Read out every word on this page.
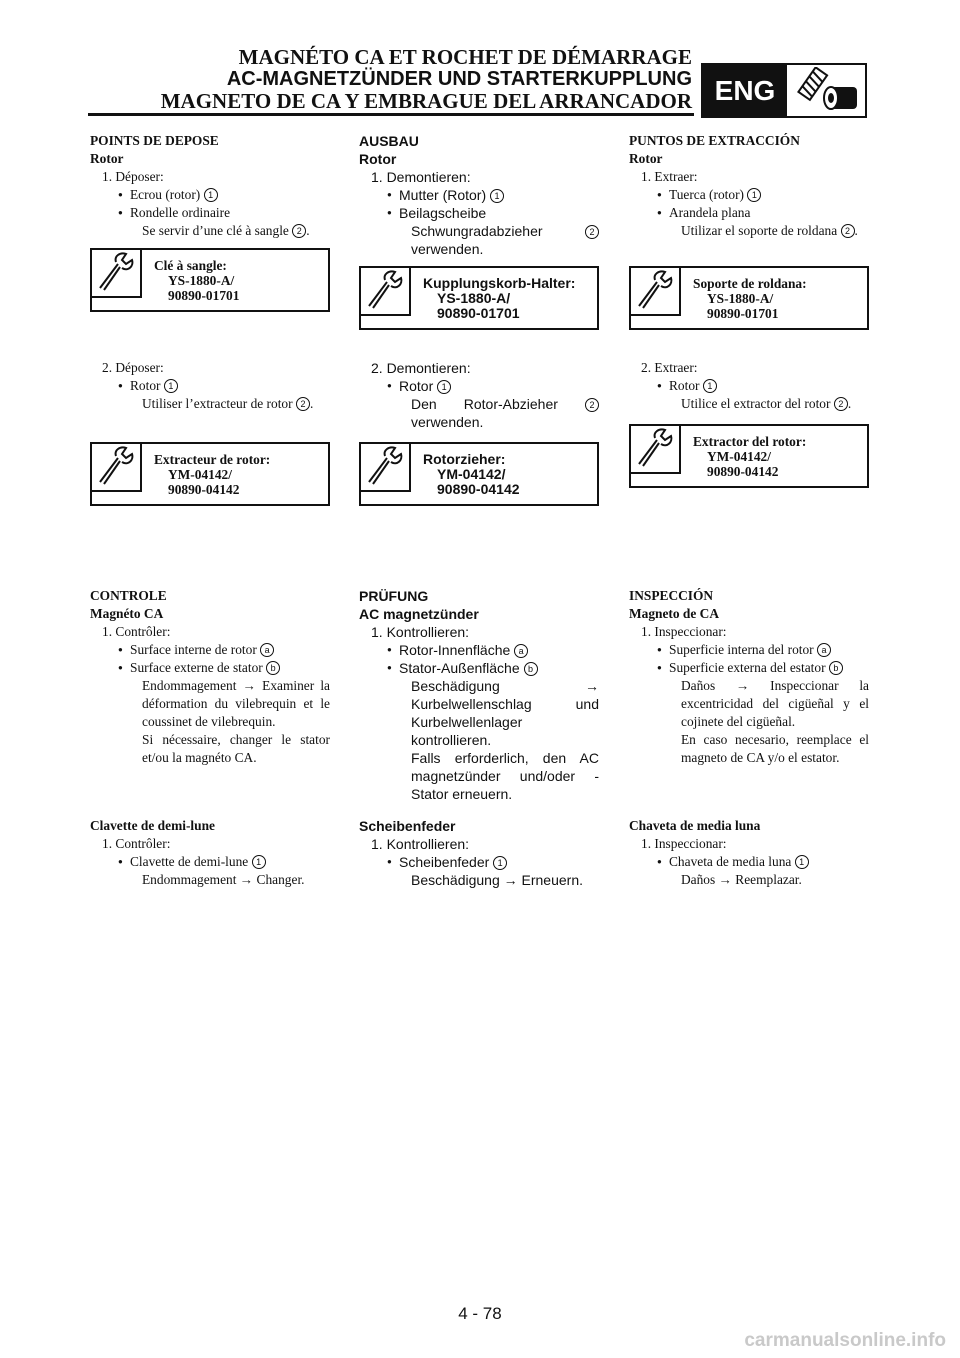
MAGNÉTO CA ET ROCHET DE DÉMARRAGE
AC-MAGNETZÜNDER UND STARTERKUPPLUNG
MAGNETO DE CA Y EMBRAGUE DEL ARRANCADOR ENG
POINTS DE DEPOSE
Rotor
1. Déposer:
● Ecrou (rotor) 1
● Rondelle ordinaire
Se servir d’une clé à sangle 2 .
Clé à sangle:
YS-1880-A/
90890-01701
2. Déposer:
● Rotor 1
Utiliser l’extracteur de rotor 2 .
Extracteur de rotor:
YM-04142/
90890-04142
CONTROLE
Magnéto CA
1. Contrôler:
● Surface interne de rotor a
● Surface externe de stator b
Endommagement → Examiner la déformation du vilebrequin et le coussinet de vilebrequin.
Si nécessaire, changer le stator et/ou la magnéto CA.
Clavette de demi-lune
1. Contrôler:
● Clavette de demi-lune 1
Endommagement → Changer.
AUSBAU
Rotor
1. Demontieren:
● Mutter (Rotor) 1
● Beilagscheibe
Schwungradabzieher	2 verwenden.
Kupplungskorb-Halter:
YS-1880-A/
90890-01701
2. Demontieren:
● Rotor 1
Den Rotor-Abzieher	2 verwenden.
Rotorzieher:
YM-04142/
90890-04142
PRÜFUNG
AC magnetzünder
1. Kontrollieren:
● Rotor-Innenfläche a
● Stator-Außenfläche b
Beschädigung → Kurbelwellenschlag und Kurbelwellenlager kontrollieren.
Falls erforderlich, den AC magnetzünder und/oder -Stator erneuern.
Scheibenfeder
1. Kontrollieren:
● Scheibenfeder 1
Beschädigung → Erneuern.
PUNTOS DE EXTRACCIÓN
Rotor
1. Extraer:
● Tuerca (rotor) 1
● Arandela plana
Utilizar el soporte de roldana 2 .
Soporte de roldana:
YS-1880-A/
90890-01701
2. Extraer:
● Rotor 1
Utilice el extractor del rotor 2 .
Extractor del rotor:
YM-04142/
90890-04142
INSPECCIÓN
Magneto de CA
1. Inspeccionar:
● Superficie interna del rotor a
● Superficie externa del estator b
Daños → Inspeccionar la excentricidad del cigüeñal y el cojinete del cigüeñal.
En caso necesario, reemplace el magneto de CA y/o el estator.
Chaveta de media luna
1. Inspeccionar:
● Chaveta de media luna 1
Daños → Reemplazar.
4 - 78
carmanualsonline.info
